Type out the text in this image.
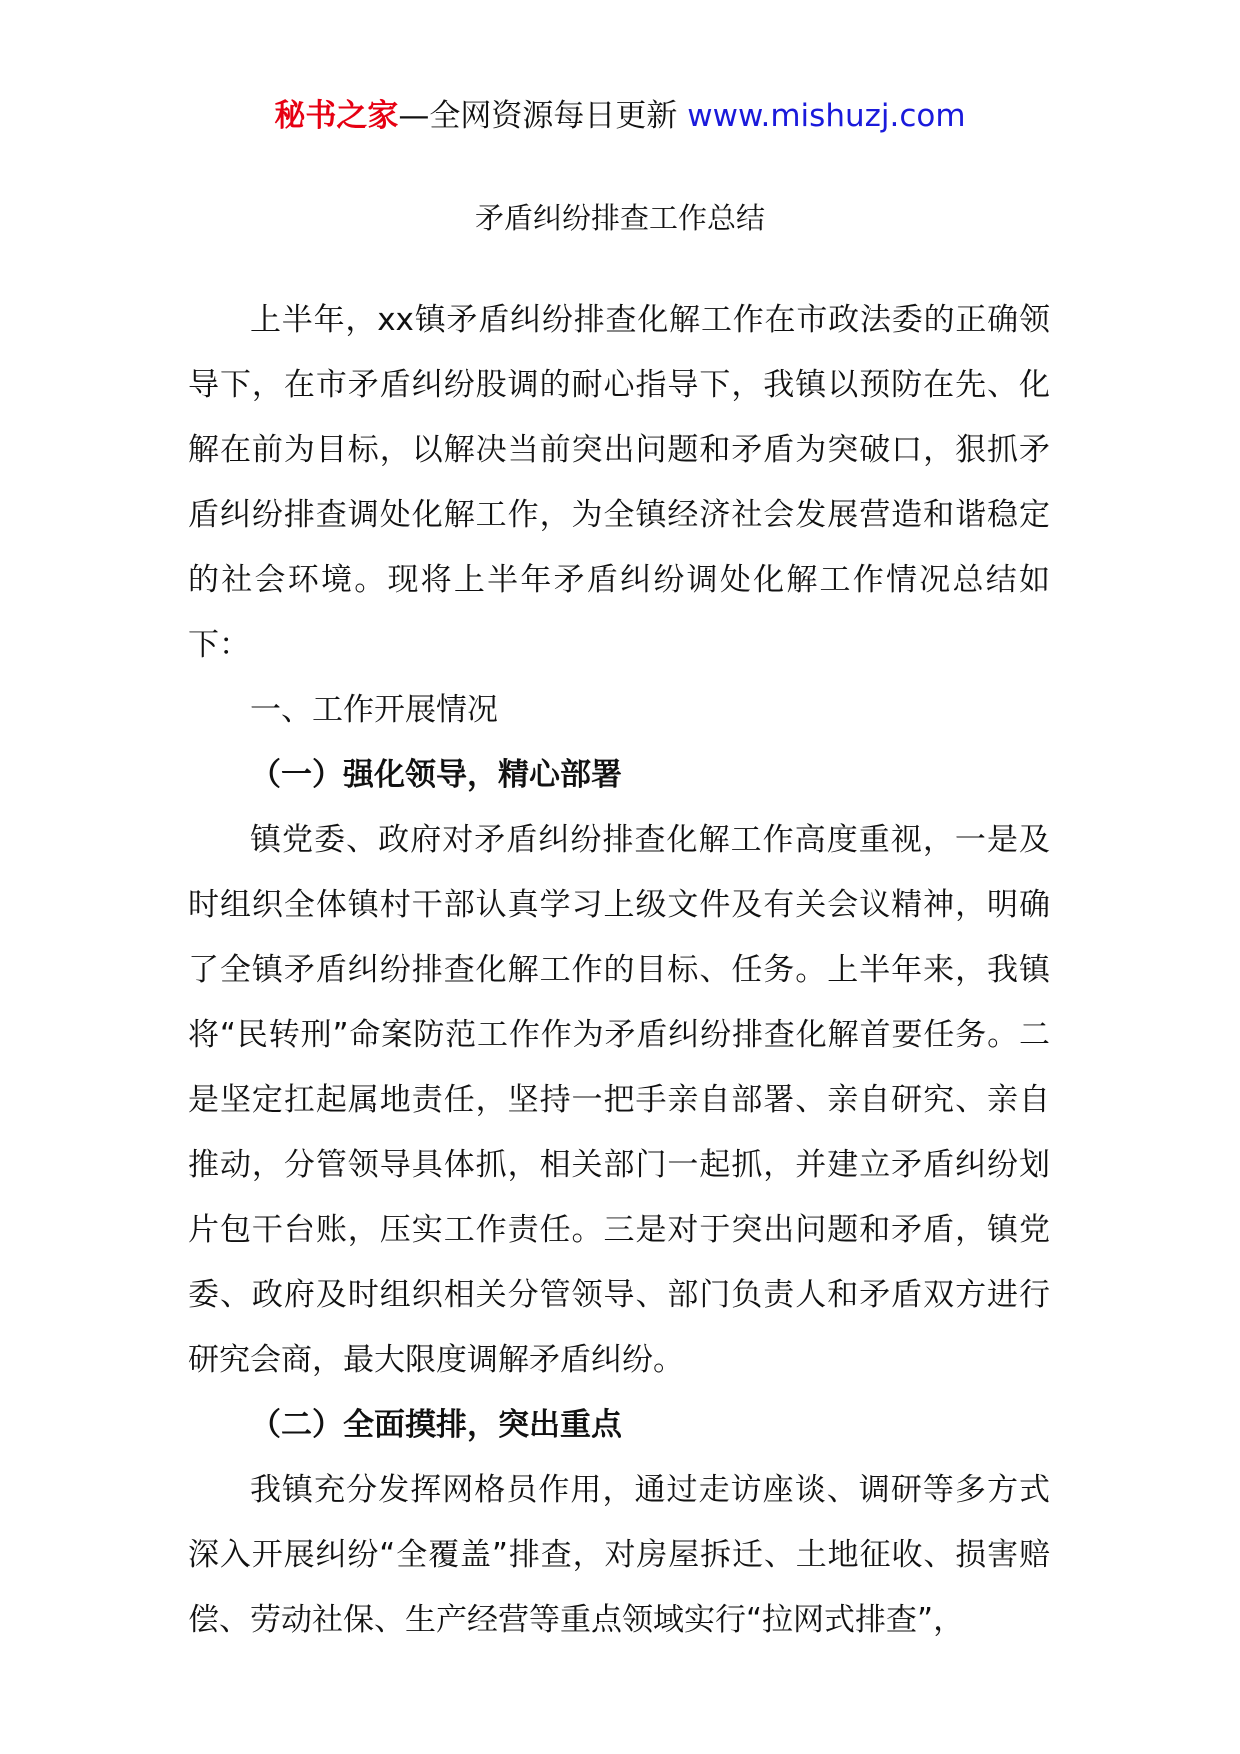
秘书之家—全网资源每日更新 www.mishuzj.com
矛盾纠纷排查工作总结

上半年，xx镇矛盾纠纷排查化解工作在市政法委的正确领导下，在市矛盾纠纷股调的耐心指导下，我镇以预防在先、化解在前为目标，以解决当前突出问题和矛盾为突破口，狠抓矛盾纠纷排查调处化解工作，为全镇经济社会发展营造和谐稳定的社会环境。现将上半年矛盾纠纷调处化解工作情况总结如下：

一、工作开展情况
（一）强化领导，精心部署

镇党委、政府对矛盾纠纷排查化解工作高度重视，一是及时组织全体镇村干部认真学习上级文件及有关会议精神，明确了全镇矛盾纠纷排查化解工作的目标、任务。上半年来，我镇将“民转刑”命案防范工作作为矛盾纠纷排查化解首要任务。二是坚定扛起属地责任，坚持一把手亲自部署、亲自研究、亲自推动，分管领导具体抓，相关部门一起抓，并建立矛盾纠纷划片包干台账，压实工作责任。三是对于突出问题和矛盾，镇党委、政府及时组织相关分管领导、部门负责人和矛盾双方进行研究会商，最大限度调解矛盾纠纷。

（二）全面摸排，突出重点

我镇充分发挥网格员作用，通过走访座谈、调研等多方式深入开展纠纷“全覆盖”排查，对房屋拆迁、土地征收、损害赔偿、劳动社保、生产经营等重点领域实行“拉网式排查”，
